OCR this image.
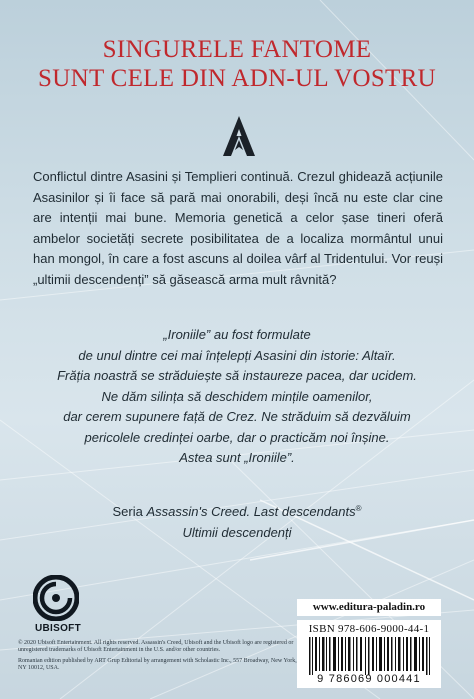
SINGURELE FANTOME
SUNT CELE DIN ADN-UL VOSTRU
Conflictul dintre Asasini și Templieri continuă. Crezul ghidează acțiunile Asasinilor și îi face să pară mai onorabili, deși încă nu este clar cine are intenții mai bune. Memoria genetică a celor șase tineri oferă ambelor societăți secrete posibilitatea de a localiza mormântul unui han mongol, în care a fost ascuns al doilea vârf al Tridentului. Vor reuși „ultimii descendenți” să găsească arma mult râvnită?
„Ironiile” au fost formulate
de unul dintre cei mai înțelepți Asasini din istorie: Altaïr.
Frăția noastră se străduiește să instaureze pacea, dar ucidem.
Ne dăm silința să deschidem mințile oamenilor,
dar cerem supunere față de Crez. Ne străduim să dezvăluim
pericolele credinței oarbe, dar o practicăm noi înșine.
Astea sunt „Ironiile”.
Seria Assassin's Creed. Last descendants®
Ultimii descendenți
UBISOFT
© 2020 Ubisoft Entertainment. All rights reserved. Assassin's Creed, Ubisoft and the Ubisoft logo are registered or unregistered trademarks of Ubisoft Entertainment in the U.S. and/or other countries.
Romanian edition published by ART Grup Editorial by arrangement with Scholastic Inc., 557 Broadway, New York, NY 10012, USA.
www.editura-paladin.ro
ISBN 978-606-9000-44-1
9 786069 000441
